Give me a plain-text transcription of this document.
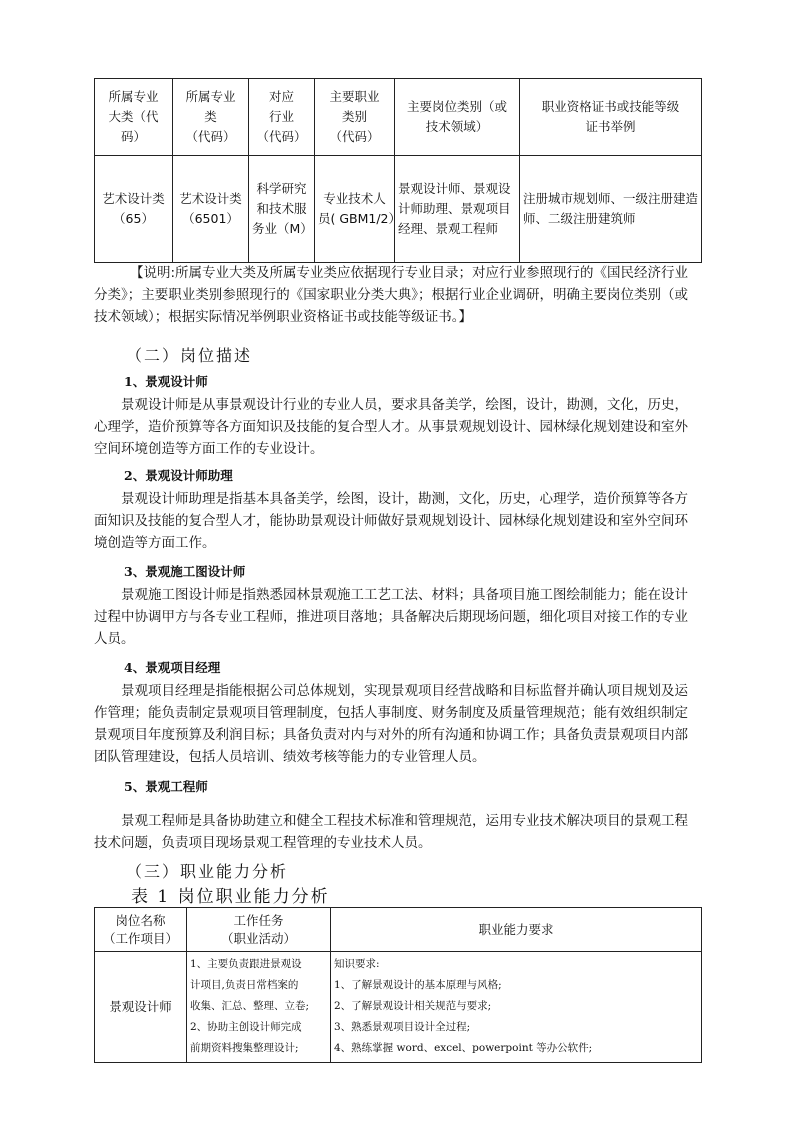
所属专业
大类（代
码）	所属专业
类
（代码）	对应
行业
（代码）	主要职业
类别
（代码）	主要岗位类别（或
技术领域）	职业资格证书或技能等级
证书举例

艺术设计类
（65）	艺术设计类
（6501）	科学研究
和技术服
务业（M）	专业技术人
员( GBM1/2）	景观设计师、景观设
计师助理、景观项目
经理、景观工程师	注册城市规划师、一级注册建造
师、二级注册建筑师
【说明:所属专业大类及所属专业类应依据现行专业目录；对应行业参照现行的《国民经济行业分类》；主要职业类别参照现行的《国家职业分类大典》；根据行业企业调研，明确主要岗位类别（或技术领域）；根据实际情况举例职业资格证书或技能等级证书。】
（二）岗位描述
1、景观设计师
景观设计师是从事景观设计行业的专业人员，要求具备美学，绘图，设计，勘测，文化，历史，心理学，造价预算等各方面知识及技能的复合型人才。从事景观规划设计、园林绿化规划建设和室外空间环境创造等方面工作的专业设计。
2、景观设计师助理
景观设计师助理是指基本具备美学，绘图，设计，勘测，文化，历史，心理学，造价预算等各方面知识及技能的复合型人才，能协助景观设计师做好景观规划设计、园林绿化规划建设和室外空间环境创造等方面工作。
3、景观施工图设计师
景观施工图设计师是指熟悉园林景观施工工艺工法、材料；具备项目施工图绘制能力；能在设计过程中协调甲方与各专业工程师，推进项目落地；具备解决后期现场问题，细化项目对接工作的专业人员。
4、景观项目经理
景观项目经理是指能根据公司总体规划，实现景观项目经营战略和目标监督并确认项目规划及运作管理；能负责制定景观项目管理制度，包括人事制度、财务制度及质量管理规范；能有效组织制定景观项目年度预算及利润目标；具备负责对内与对外的所有沟通和协调工作；具备负责景观项目内部团队管理建设，包括人员培训、绩效考核等能力的专业管理人员。
5、景观工程师
景观工程师是具备协助建立和健全工程技术标准和管理规范，运用专业技术解决项目的景观工程技术问题，负责项目现场景观工程管理的专业技术人员。
（三）职业能力分析
表 1 岗位职业能力分析
岗位名称
（工作项目）	工作任务
（职业活动）	职业能力要求

景观设计师	1、主要负责跟进景观设
计项目,负责日常档案的
收集、汇总、整理、立卷;
2、协助主创设计师完成
前期资料搜集整理设计;	知识要求:
1、了解景观设计的基本原理与风格;
2、了解景观设计相关规范与要求;
3、熟悉景观项目设计全过程;
4、熟练掌握 word、excel、powerpoint 等办公软件;
